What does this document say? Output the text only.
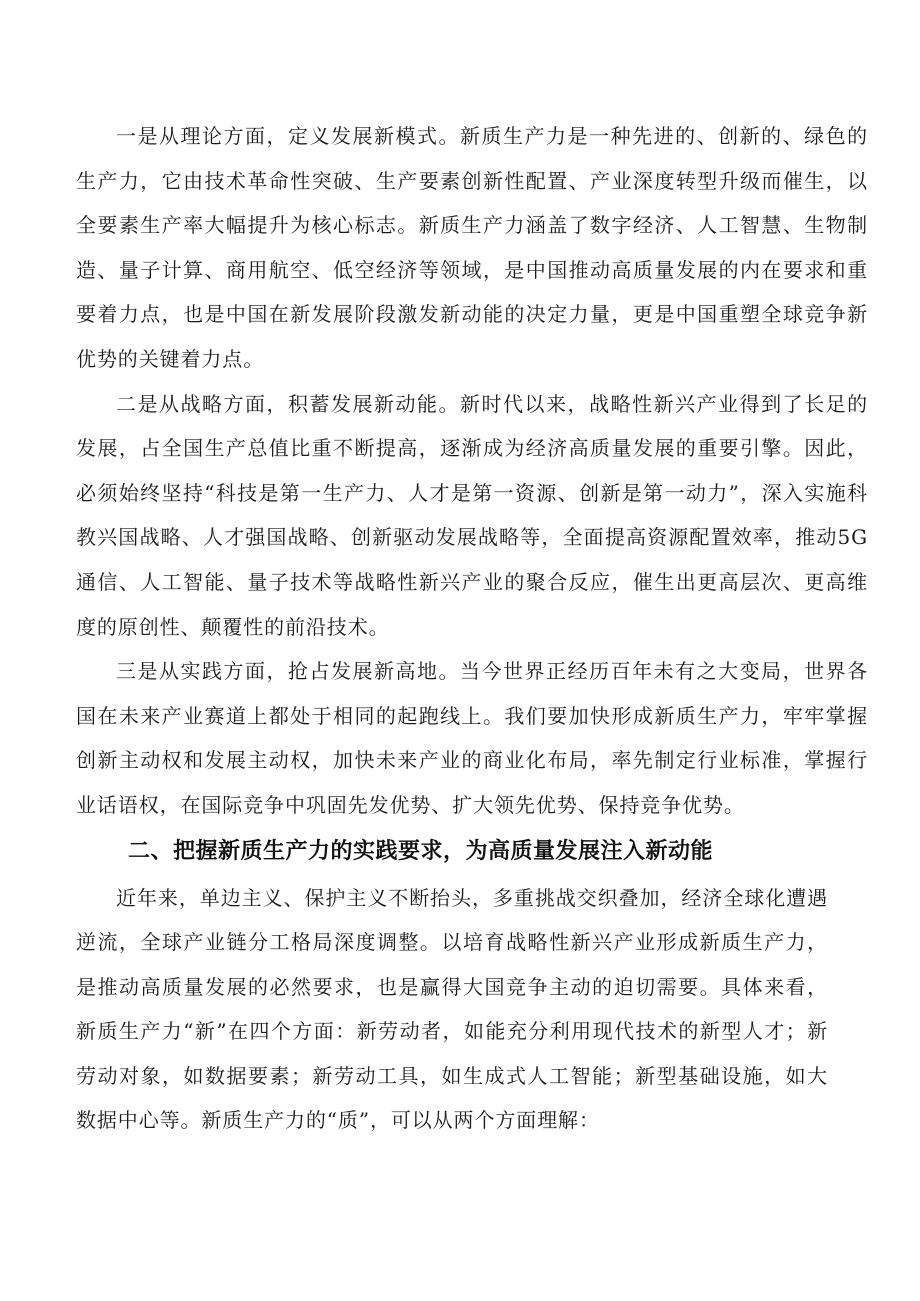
一是从理论方面，定义发展新模式。新质生产力是一种先进的、创新的、绿色的生产力，它由技术革命性突破、生产要素创新性配置、产业深度转型升级而催生，以全要素生产率大幅提升为核心标志。新质生产力涵盖了数字经济、人工智慧、生物制造、量子计算、商用航空、低空经济等领域，是中国推动高质量发展的内在要求和重要着力点，也是中国在新发展阶段激发新动能的决定力量，更是中国重塑全球竞争新优势的关键着力点。

二是从战略方面，积蓄发展新动能。新时代以来，战略性新兴产业得到了长足的发展，占全国生产总值比重不断提高，逐渐成为经济高质量发展的重要引擎。因此，必须始终坚持“科技是第一生产力、人才是第一资源、创新是第一动力”，深入实施科教兴国战略、人才强国战略、创新驱动发展战略等，全面提高资源配置效率，推动5G通信、人工智能、量子技术等战略性新兴产业的聚合反应，催生出更高层次、更高维度的原创性、颠覆性的前沿技术。

三是从实践方面，抢占发展新高地。当今世界正经历百年未有之大变局，世界各国在未来产业赛道上都处于相同的起跑线上。我们要加快形成新质生产力，牢牢掌握创新主动权和发展主动权，加快未来产业的商业化布局，率先制定行业标准，掌握行业话语权，在国际竞争中巩固先发优势、扩大领先优势、保持竞争优势。

二、把握新质生产力的实践要求，为高质量发展注入新动能

近年来，单边主义、保护主义不断抬头，多重挑战交织叠加，经济全球化遭遇逆流，全球产业链分工格局深度调整。以培育战略性新兴产业形成新质生产力，是推动高质量发展的必然要求，也是赢得大国竞争主动的迫切需要。具体来看，新质生产力“新”在四个方面：新劳动者，如能充分利用现代技术的新型人才；新劳动对象，如数据要素；新劳动工具，如生成式人工智能；新型基础设施，如大数据中心等。新质生产力的“质”，可以从两个方面理解：
